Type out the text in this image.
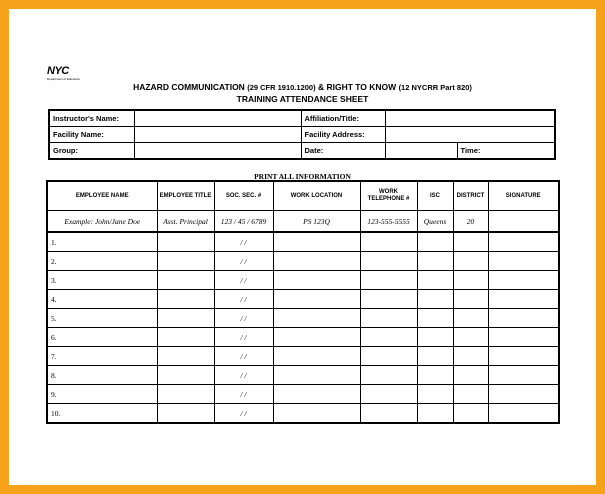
NYC
Department of Education
HAZARD COMMUNICATION (29 CFR 1910.1200) & RIGHT TO KNOW (12 NYCRR Part 820)
TRAINING ATTENDANCE SHEET
Instructor's Name:		Affiliation/Title:		
Facility Name:		Facility Address:		
Group:		Date:		Time:
PRINT ALL INFORMATION
EMPLOYEE NAME	EMPLOYEE TITLE	SOC. SEC. #	WORK LOCATION	WORK TELEPHONE #	ISC	DISTRICT	SIGNATURE
Example: John/Jane Doe	Asst. Principal	123 / 45 / 6789	PS 123Q	123-555-5555	Queens	20	
1.		/ /					
2.		/ /					
3.		/ /					
4.		/ /					
5.		/ /					
6.		/ /					
7.		/ /					
8.		/ /					
9.		/ /					
10.		/ /					
